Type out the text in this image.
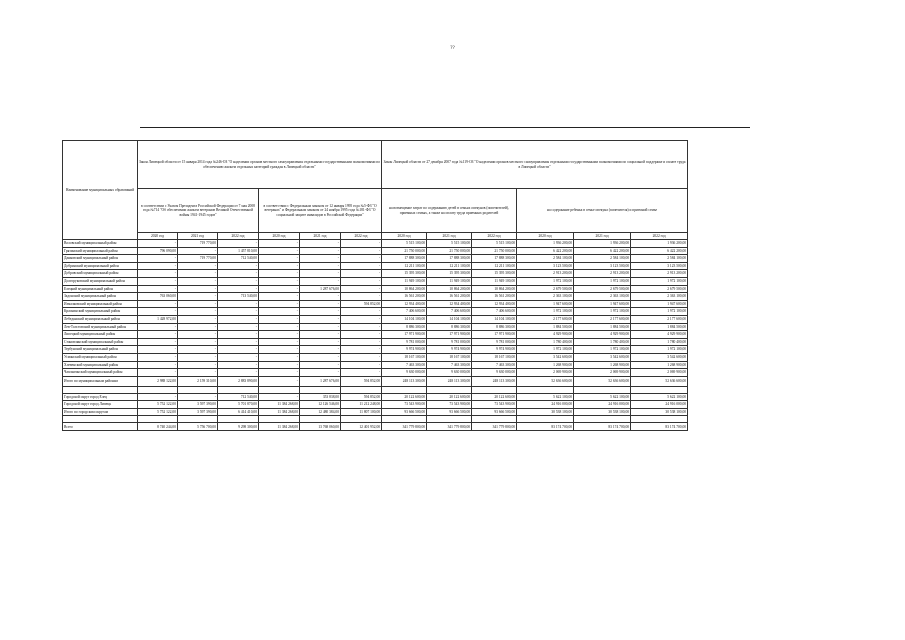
??
Наименование муниципальных образований	Закон Липецкой области от 15 января 2014 года №246-ОЗ "О наделении органов местного самоуправления отдельными государственными полномочиями по обеспечению жильем отдельных категорий граждан в Липецкой области"						Закон Липецкой области от 27 декабря 2007 года №119-ОЗ "О наделении органов местного самоуправления отдельными государственными полномочиями по социальной поддержке и оплате труда в Липецкой области"					
	в соответствии с Указом Президента Российской Федерации от 7 мая 2008 года №714 "Об обеспечении жильем ветеранов Великой Отечественной войны 1941-1945 годов"			в соответствии с Федеральным законом от 12 января 1995 года №5-ФЗ "О ветеранах" и Федеральным законом от 24 ноября 1995 года №181-ФЗ "О социальной защите инвалидов в Российской Федерации"			на возмещение затрат по содержанию детей в семьях опекунов (попечителей), приемных семьях, а также на оплату труда приемных родителей			на содержание ребенка в семье опекуна (попечителя) и приемной семье		
	2020 год	2021 год	2022 год	2020 год	2021 год	2022 год	2020 год	2021 год	2022 год	2020 год	2021 год	2022 год
Воловский муниципальный район	-	719 770,00	-	-	-	-	5 515 100,00	5 515 100,00	5 515 100,00	1 936 200,00	1 936 200,00	1 936 200,00
Грязинский муниципальный район	796 090,00	-	1 457 810,00	-	-	-	21 750 000,00	21 750 000,00	21 750 000,00	6 422 200,00	6 422 200,00	6 422 200,00
Данковский муниципальный район	-	719 770,00	712 540,00	-	-	-	17 888 300,00	17 888 300,00	17 888 300,00	2 584 100,00	2 584 100,00	2 584 100,00
Добринский муниципальный район	-	-	-	-	-	-	12 211 100,00	12 211 100,00	12 211 100,00	3 123 500,00	3 123 500,00	3 123 500,00
Добровский муниципальный район	-	-	-	-	-	-	15 395 300,00	15 395 300,00	15 395 300,00	2 913 200,00	2 913 200,00	2 913 200,00
Долгоруковский муниципальный район	-	-	-	-	-	-	11 949 100,00	11 949 100,00	11 949 100,00	1 972 100,00	1 972 100,00	1 972 100,00
Елецкий муниципальный район	-	-	-	-	1 287 676,00	-	10 864 200,00	10 864 200,00	10 864 200,00	2 679 500,00	2 679 500,00	2 679 500,00
Задонский муниципальный район	763 060,00	-	713 540,00	-	-	-	16 561 200,00	16 561 200,00	16 561 200,00	2 363 100,00	2 363 100,00	2 363 100,00
Измалковский муниципальный район	-	-	-	-	-	594 852,00	12 934 400,00	12 934 400,00	12 934 400,00	1 947 600,00	1 947 600,00	1 947 600,00
Краснинский муниципальный район	-	-	-	-	-	-	7 406 600,00	7 406 600,00	7 406 600,00	1 972 100,00	1 972 100,00	1 972 100,00
Лебедянский муниципальный район	1 428 972,00	-	-	-	-	-	14 104 100,00	14 104 100,00	14 104 100,00	2 177 600,00	2 177 600,00	2 177 600,00
Лев-Толстовский муниципальный район	-	-	-	-	-	-	8 886 300,00	8 886 300,00	8 886 300,00	1 884 500,00	1 884 500,00	1 884 500,00
Липецкий муниципальный район	-	-	-	-	-	-	17 971 900,00	17 971 900,00	17 971 900,00	4 929 900,00	4 929 900,00	4 929 900,00
Становлянский муниципальный район	-	-	-	-	-	-	9 781 000,00	9 781 000,00	9 781 000,00	1 780 400,00	1 780 400,00	1 780 400,00
Тербунский муниципальный район	-	-	-	-	-	-	9 974 900,00	9 974 900,00	9 974 900,00	1 972 100,00	1 972 100,00	1 972 100,00
Усманский муниципальный район	-	-	-	-	-	-	18 167 100,00	18 167 100,00	18 167 100,00	3 542 600,00	3 542 600,00	3 542 600,00
Хлевенский муниципальный район	-	-	-	-	-	-	7 463 300,00	7 463 300,00	7 463 300,00	1 268 900,00	1 268 900,00	1 268 900,00
Чаплыгинский муниципальный район	-	-	-	-	-	-	9 630 000,00	9 630 000,00	9 630 000,00	2 069 900,00	2 069 900,00	2 069 900,00
Итого по муниципальным районам	2 988 122,00	2 159 310,00	2 883 890,00	-	1 287 676,00	594 852,00	248 113 300,00	248 113 300,00	248 113 300,00	52 636 600,00	52 636 600,00	52 636 600,00

Городской округ город Елец	-	-	712 540,00	-	353 838,00	594 852,00	20 122 600,00	20 122 600,00	20 122 600,00	5 622 100,00	5 622 100,00	5 622 100,00
Городской округ город Липецк	5 752 122,00	3 597 390,00	5 701 870,00	11 384 268,00	12 126 546,00	11 212 248,00	73 543 900,00	73 543 900,00	73 543 900,00	24 916 000,00	24 916 000,00	24 916 000,00
Итого по городским округам	5 752 122,00	3 597 390,00	6 414 410,00	11 384 268,00	12 480 384,00	11 807 100,00	93 666 500,00	93 666 500,00	93 666 500,00	30 538 100,00	30 538 100,00	30 538 100,00

Всего	8 740 244,00	5 756 700,00	9 298 300,00	11 384 268,00	13 768 060,00	12 401 952,00	341 779 800,00	341 779 800,00	341 779 800,00	83 174 700,00	83 174 700,00	83 174 700,00
